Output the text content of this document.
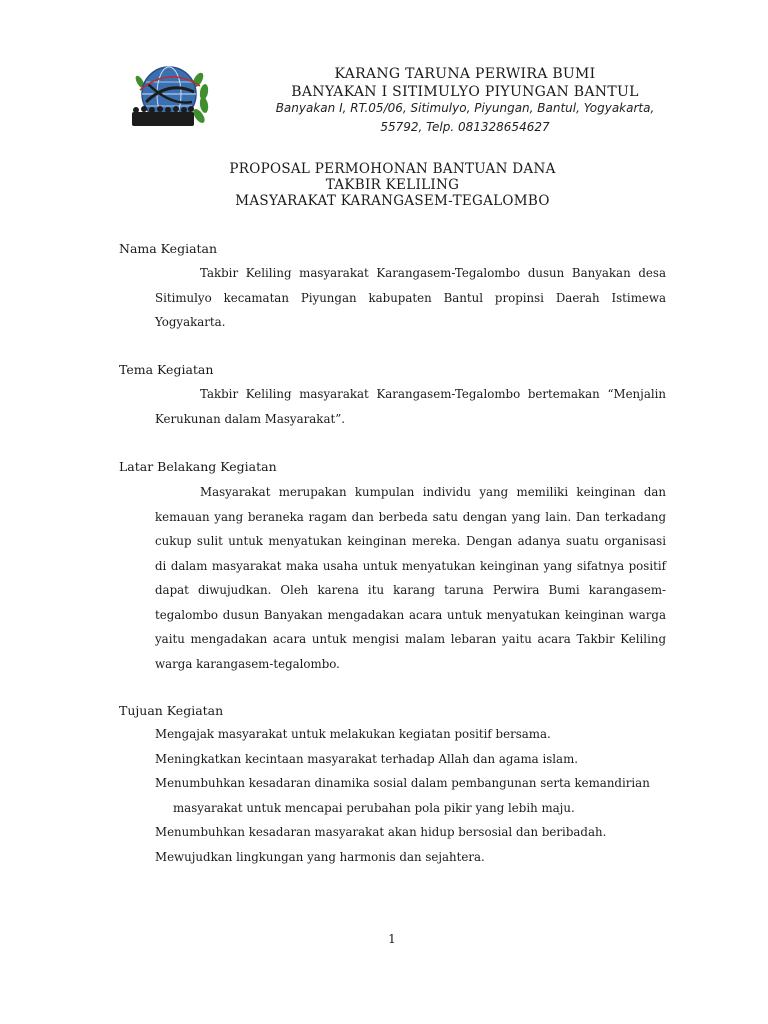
KARANG TARUNA PERWIRA BUMI
BANYAKAN I SITIMULYO PIYUNGAN BANTUL
Banyakan I, RT.05/06, Sitimulyo, Piyungan, Bantul, Yogyakarta,
55792, Telp. 081328654627
PROPOSAL PERMOHONAN BANTUAN DANA
TAKBIR KELILING
MASYARAKAT KARANGASEM-TEGALOMBO
Nama Kegiatan

Takbir Keliling masyarakat Karangasem-Tegalombo dusun Banyakan desa Sitimulyo kecamatan Piyungan kabupaten Bantul propinsi Daerah Istimewa Yogyakarta.

Tema Kegiatan

Takbir Keliling masyarakat Karangasem-Tegalombo bertemakan “Menjalin Kerukunan dalam Masyarakat”.

Latar Belakang Kegiatan

Masyarakat merupakan kumpulan individu yang memiliki keinginan dan kemauan yang beraneka ragam dan berbeda satu dengan yang lain. Dan terkadang cukup sulit untuk menyatukan keinginan mereka. Dengan adanya suatu organisasi di dalam masyarakat maka usaha untuk menyatukan keinginan yang sifatnya positif dapat diwujudkan. Oleh karena itu karang taruna Perwira Bumi karangasem-tegalombo dusun Banyakan mengadakan acara untuk menyatukan keinginan warga yaitu mengadakan acara untuk mengisi malam lebaran yaitu acara Takbir Keliling warga karangasem-tegalombo.

Tujuan Kegiatan
Mengajak masyarakat untuk melakukan kegiatan positif bersama.
Meningkatkan kecintaan masyarakat terhadap Allah dan agama islam.
Menumbuhkan kesadaran dinamika sosial dalam pembangunan serta kemandirian
masyarakat untuk mencapai perubahan pola pikir yang lebih maju.
Menumbuhkan kesadaran masyarakat akan hidup bersosial dan beribadah.
Mewujudkan lingkungan yang harmonis dan sejahtera.
1
